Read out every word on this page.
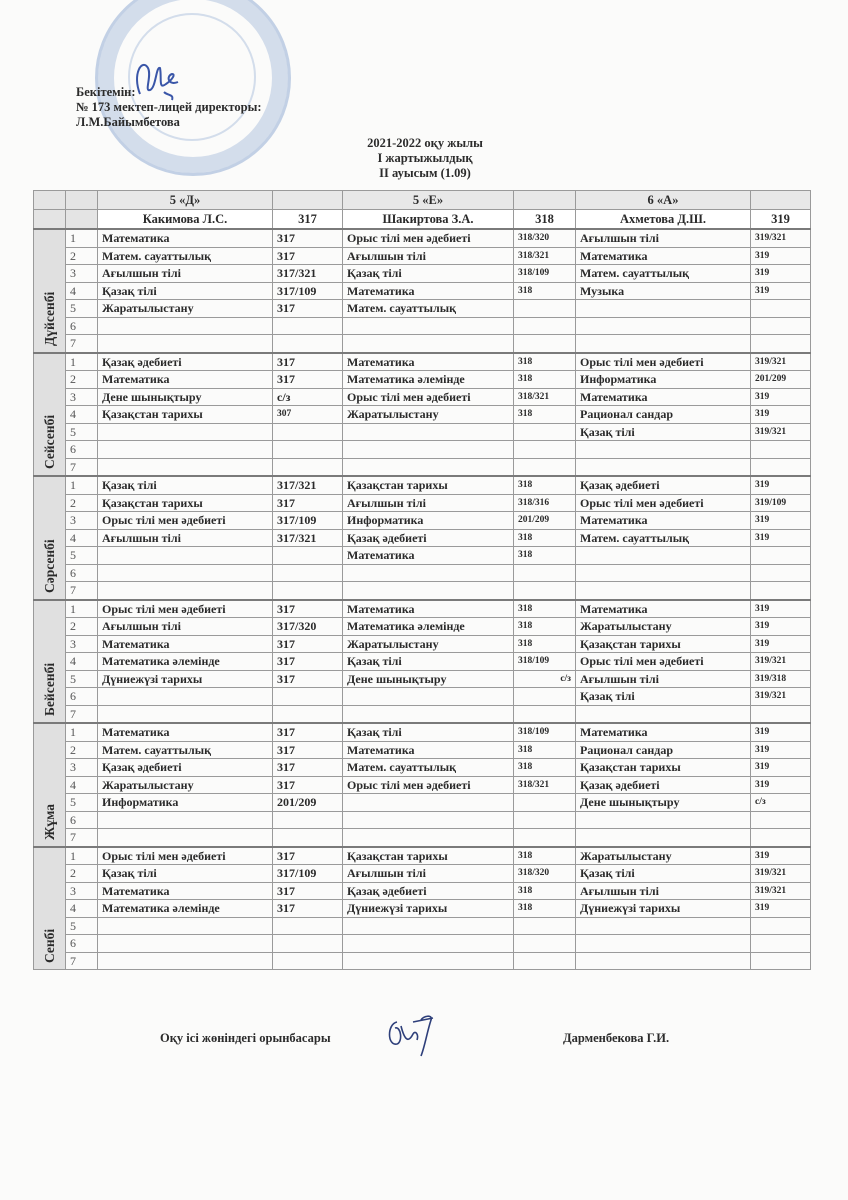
Бекітемін:
№ 173 мектеп-лицей директоры:
Л.М.Байымбетова
2021-2022 оқу жылы
І жартыжылдық
ІІ ауысым (1.09)
		5 «Д»		5 «Е»		6 «А»	
		Какимова Л.С.	317	Шакиртова З.А.	318	Ахметова Д.Ш.	319

Дүйсенбі	1	Математика	317	Орыс тілі мен әдебиеті	318/320	Ағылшын тілі	319/321
	2	Матем. сауаттылық	317	Ағылшын тілі	318/321	Математика	319
	3	Ағылшын тілі	317/321	Қазақ тілі	318/109	Матем. сауаттылық	319
	4	Қазақ тілі	317/109	Математика	318	Музыка	319
	5	Жаратылыстану	317	Матем. сауаттылық			
	6						
	7						

Сейсенбі	1	Қазақ әдебиеті	317	Математика	318	Орыс тілі мен әдебиеті	319/321
	2	Математика	317	Математика әлемінде	318	Информатика	201/209
	3	Дене шынықтыру	с/з	Орыс тілі мен әдебиеті	318/321	Математика	319
	4	Қазақстан тарихы	307	Жаратылыстану	318	Рационал сандар	319
	5					Қазақ тілі	319/321
	6						
	7						

Сәрсенбі	1	Қазақ тілі	317/321	Қазақстан тарихы	318	Қазақ әдебиеті	319
	2	Қазақстан тарихы	317	Ағылшын тілі	318/316	Орыс тілі мен әдебиеті	319/109
	3	Орыс тілі мен әдебиеті	317/109	Информатика	201/209	Математика	319
	4	Ағылшын тілі	317/321	Қазақ әдебиеті	318	Матем. сауаттылық	319
	5			Математика	318		
	6						
	7						

Бейсенбі	1	Орыс тілі мен әдебиеті	317	Математика	318	Математика	319
	2	Ағылшын тілі	317/320	Математика әлемінде	318	Жаратылыстану	319
	3	Математика	317	Жаратылыстану	318	Қазақстан тарихы	319
	4	Математика әлемінде	317	Қазақ тілі	318/109	Орыс тілі мен әдебиеті	319/321
	5	Дүниежүзі тарихы	317	Дене шынықтыру	с/з	Ағылшын тілі	319/318
	6					Қазақ тілі	319/321
	7						

Жұма	1	Математика	317	Қазақ тілі	318/109	Математика	319
	2	Матем. сауаттылық	317	Математика	318	Рационал сандар	319
	3	Қазақ әдебиеті	317	Матем. сауаттылық	318	Қазақстан тарихы	319
	4	Жаратылыстану	317	Орыс тілі мен әдебиеті	318/321	Қазақ әдебиеті	319
	5	Информатика	201/209			Дене шынықтыру	с/з
	6						
	7						

Сенбі	1	Орыс тілі мен әдебиеті	317	Қазақстан тарихы	318	Жаратылыстану	319
	2	Қазақ тілі	317/109	Ағылшын тілі	318/320	Қазақ тілі	319/321
	3	Математика	317	Қазақ әдебиеті	318	Ағылшын тілі	319/321
	4	Математика әлемінде	317	Дүниежүзі тарихы	318	Дүниежүзі тарихы	319
	5						
	6						
	7						
Оқу ісі жөніндегі орынбасары	Дарменбекова Г.И.
